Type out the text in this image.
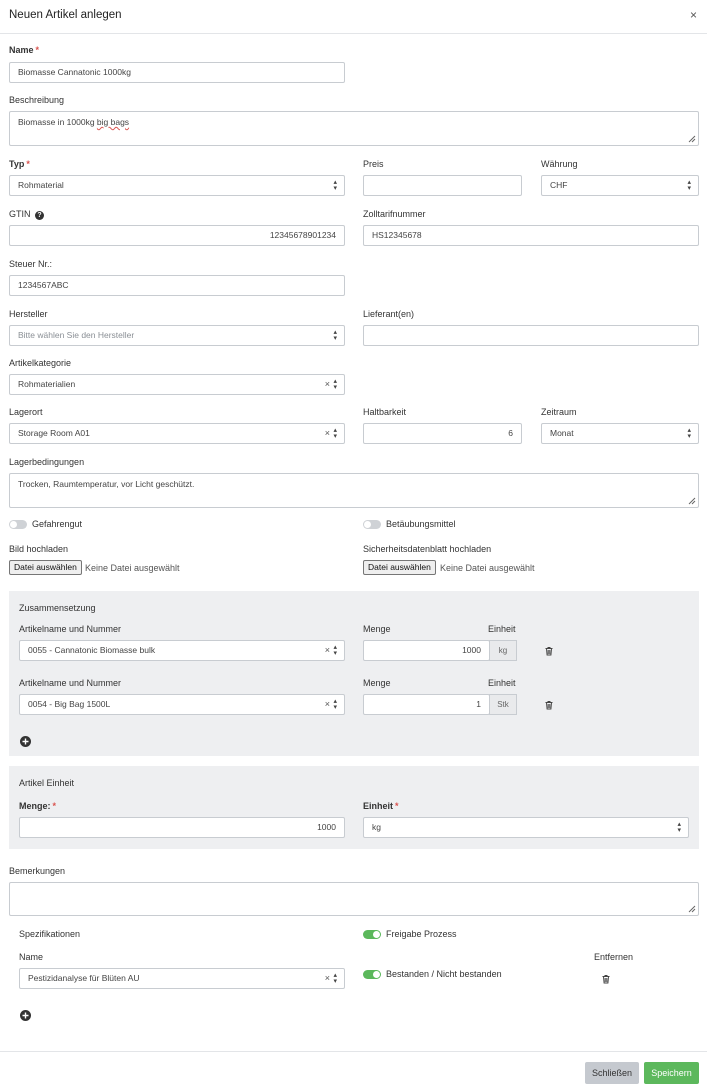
Neuen Artikel anlegen	×
Name *
Biomasse Cannatonic 1000kg
Beschreibung
Biomasse in 1000kg big bags
Typ *
Rohmaterial	▴
▾
Preis	Währung
CHF	▴
▾
GTIN ?
12345678901234
Zolltarifnummer
HS12345678
Steuer Nr.:
1234567ABC
Hersteller
Bitte wählen Sie den Hersteller	▴
▾
Lieferant(en)
Artikelkategorie
Rohmaterialien	× ▴
▾
Lagerort
Storage Room A01	× ▴
▾
Haltbarkeit
6
Zeitraum
Monat	▴
▾
Lagerbedingungen
Trocken, Raumtemperatur, vor Licht geschützt.
Gefahrengut	Betäubungsmittel
Bild hochladen
Datei auswählen Keine Datei ausgewählt
Sicherheitsdatenblatt hochladen
Datei auswählen	Keine Datei ausgewählt
Zusammensetzung
Artikelname und Nummer	Menge	Einheit
0055 - Cannatonic Biomasse bulk	× ▴
▾	1000	kg
Artikelname und Nummer	Menge	Einheit
0054 - Big Bag 1500L	× ▴
▾	1	Stk
Artikel Einheit
Menge: *
1000
Einheit *
kg	▴
▾
Bemerkungen
Spezifikationen	Freigabe Prozess
Name	Entfernen
Pestizidanalyse für Blüten AU	× ▴
▾
Bestanden / Nicht bestanden
Schließen	Speichern
